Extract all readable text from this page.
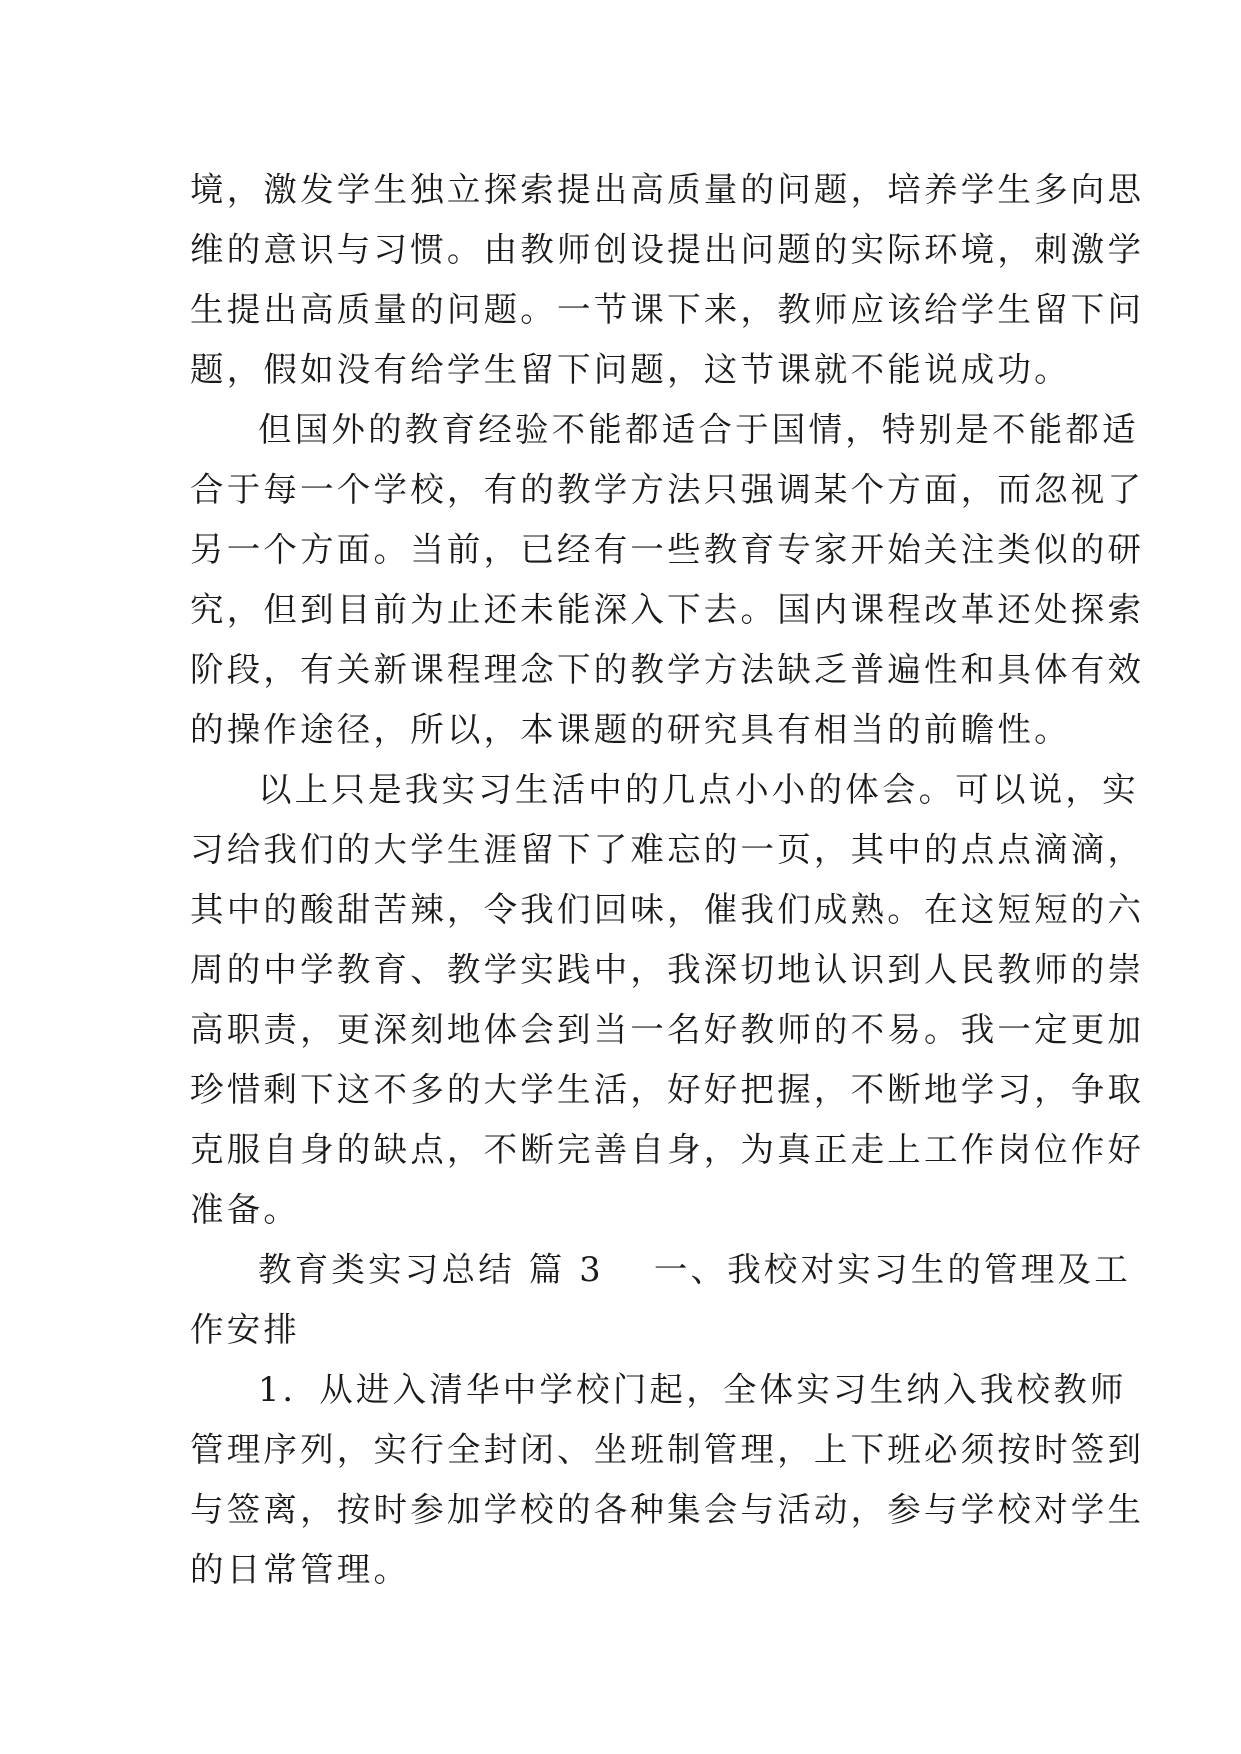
境，激发学生独立探索提出高质量的问题，培养学生多向思
维的意识与习惯。由教师创设提出问题的实际环境，刺激学
生提出高质量的问题。一节课下来，教师应该给学生留下问
题，假如没有给学生留下问题，这节课就不能说成功。
但国外的教育经验不能都适合于国情，特别是不能都适
合于每一个学校，有的教学方法只强调某个方面，而忽视了
另一个方面。当前，已经有一些教育专家开始关注类似的研
究，但到目前为止还未能深入下去。国内课程改革还处探索
阶段，有关新课程理念下的教学方法缺乏普遍性和具体有效
的操作途径，所以，本课题的研究具有相当的前瞻性。
以上只是我实习生活中的几点小小的体会。可以说，实
习给我们的大学生涯留下了难忘的一页，其中的点点滴滴，
其中的酸甜苦辣，令我们回味，催我们成熟。在这短短的六
周的中学教育、教学实践中，我深切地认识到人民教师的崇
高职责，更深刻地体会到当一名好教师的不易。我一定更加
珍惜剩下这不多的大学生活，好好把握，不断地学习，争取
克服自身的缺点，不断完善自身，为真正走上工作岗位作好
准备。
教育类实习总结 篇 3 一、我校对实习生的管理及工
作安排
1．从进入清华中学校门起，全体实习生纳入我校教师
管理序列，实行全封闭、坐班制管理，上下班必须按时签到
与签离，按时参加学校的各种集会与活动，参与学校对学生
的日常管理。
